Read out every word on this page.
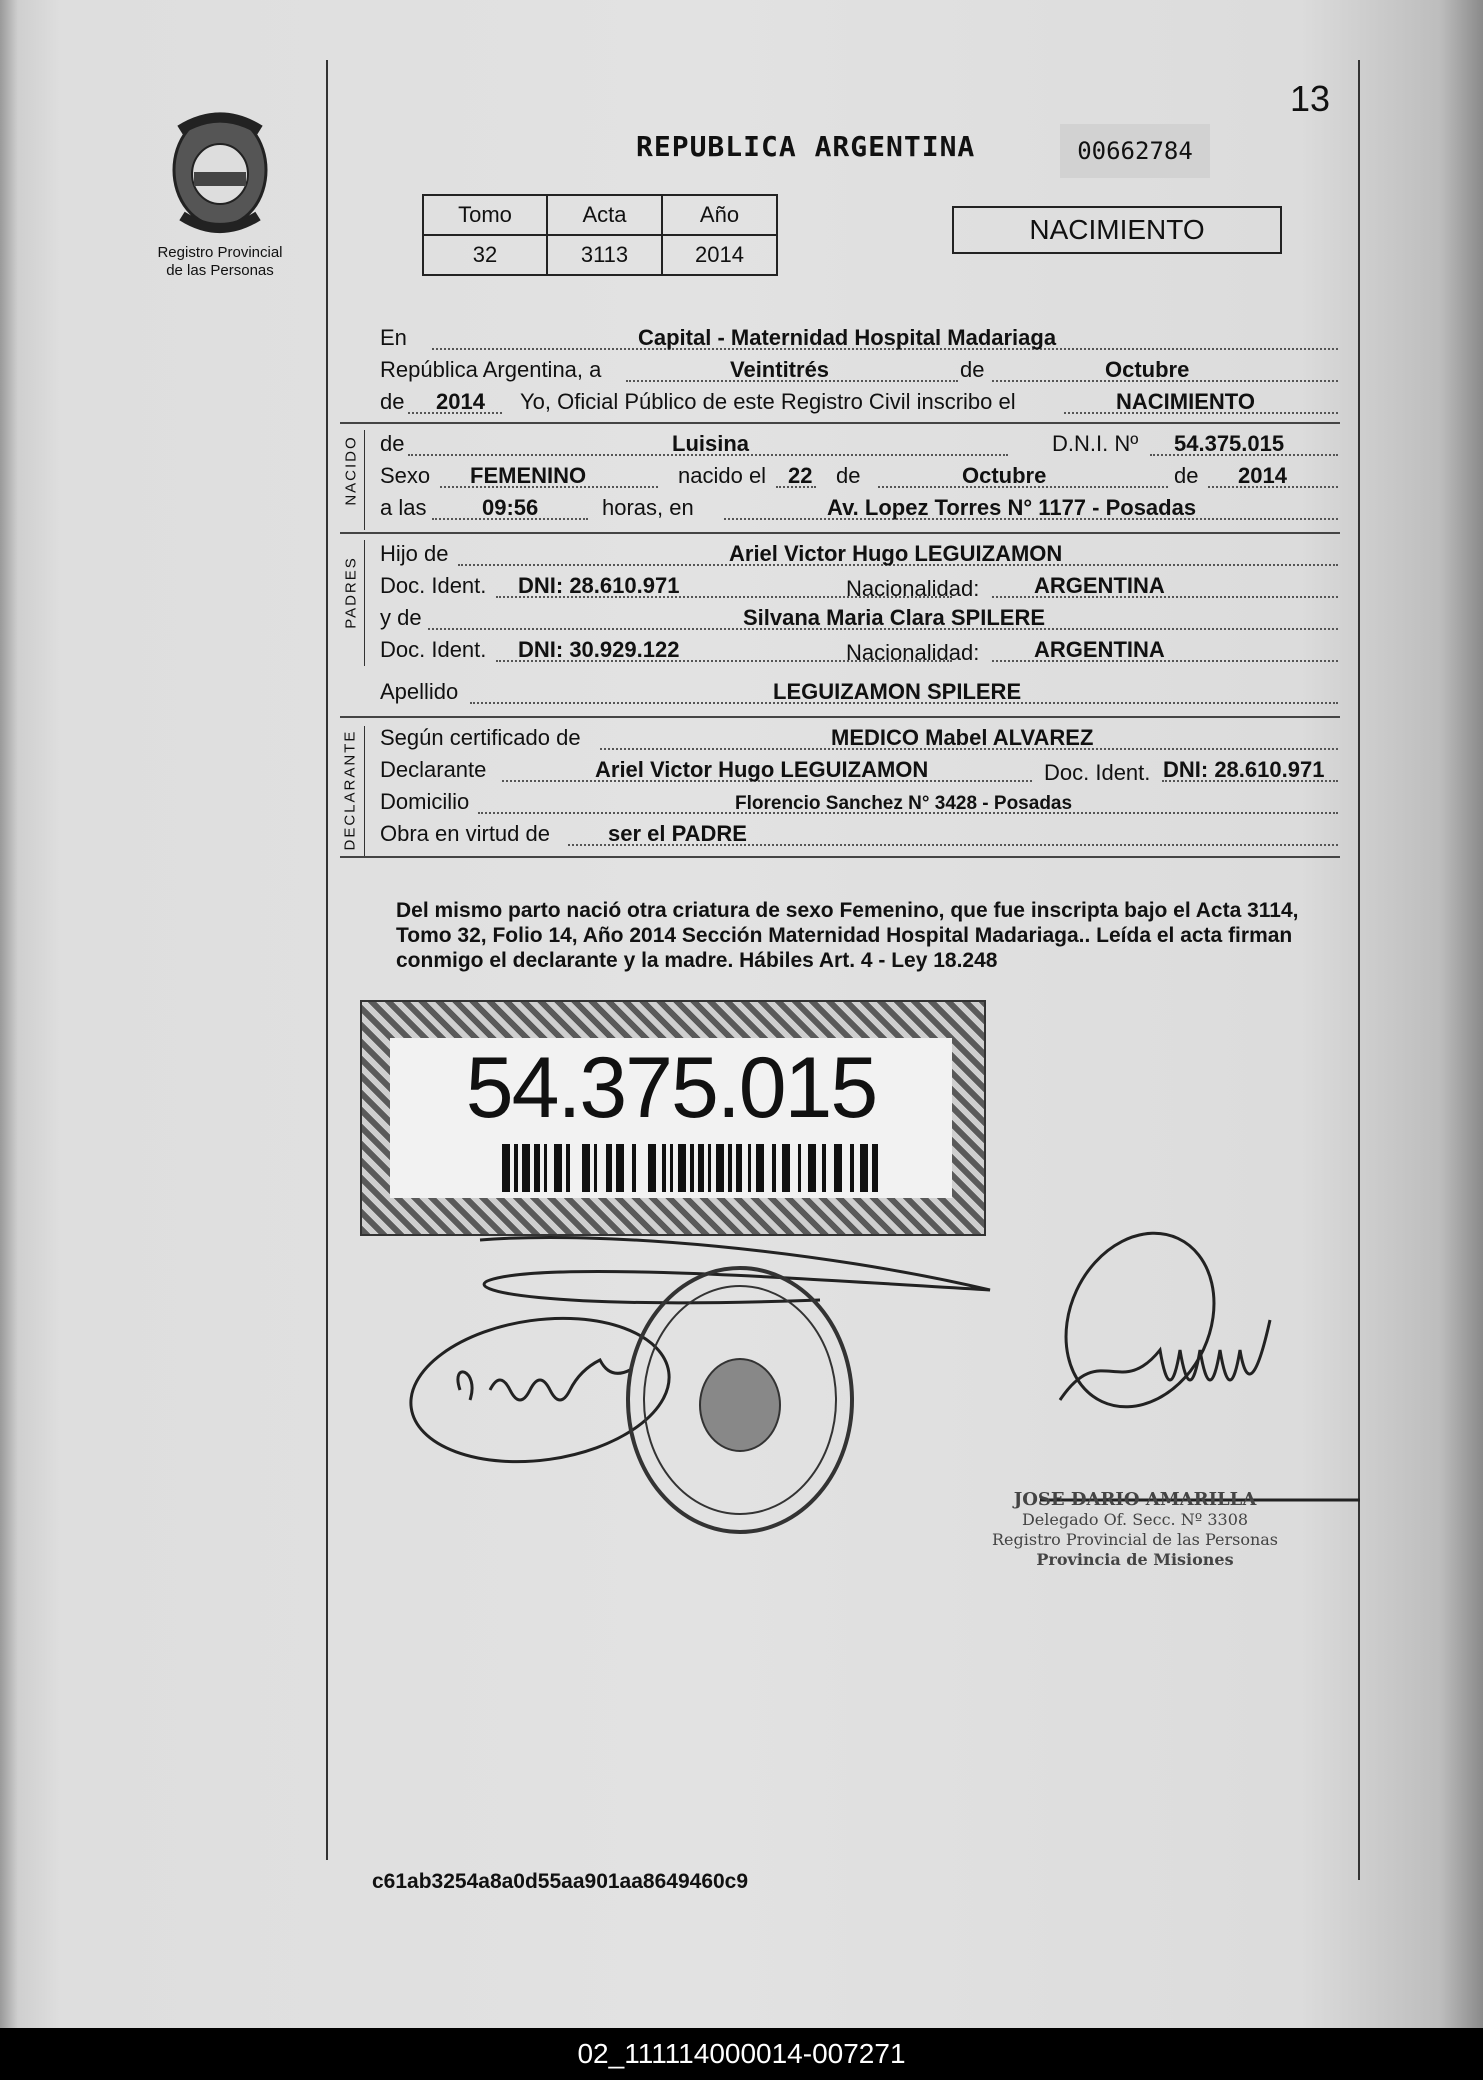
Registro Provincial
de las Personas
13
REPUBLICA ARGENTINA	00662784
Tomo	Acta	Año
32	3113	2014
NACIMIENTO
En	Capital - Maternidad Hospital Madariaga
República Argentina, a	Veintitrés	de	Octubre
de 2014 Yo, Oficial Público de este Registro Civil inscribo el	NACIMIENTO
NACIDO de	Luisina	D.N.I. Nº 54.375.015
Sexo FEMENINO	nacido el 22 de	Octubre	de 2014
a las	09:56	horas, en	Av. Lopez Torres N° 1177 - Posadas
PADRES
Hijo de	Ariel Victor Hugo LEGUIZAMON
Doc. Ident. DNI: 28.610.971	Nacionalidad: ARGENTINA
y de	Silvana Maria Clara SPILERE
Doc. Ident. DNI: 30.929.122	Nacionalidad: ARGENTINA
Apellido	LEGUIZAMON SPILERE
DECLARANTE Según certificado de	MEDICO Mabel ALVAREZ
Declarante	Ariel Victor Hugo LEGUIZAMON	Doc. Ident. DNI: 28.610.971
Domicilio	Florencio Sanchez N° 3428 - Posadas
Obra en virtud de	ser el PADRE
Del mismo parto nació otra criatura de sexo Femenino, que fue inscripta bajo el Acta 3114, Tomo 32, Folio 14, Año 2014 Sección Maternidad Hospital Madariaga.. Leída el acta firman conmigo el declarante y la madre. Hábiles Art. 4 - Ley 18.248
54.375.015
JOSE DARIO AMARILLA
Delegado Of. Secc. Nº 3308
Registro Provincial de las Personas
Provincia de Misiones
c61ab3254a8a0d55aa901aa8649460c9
02_111114000014-007271
